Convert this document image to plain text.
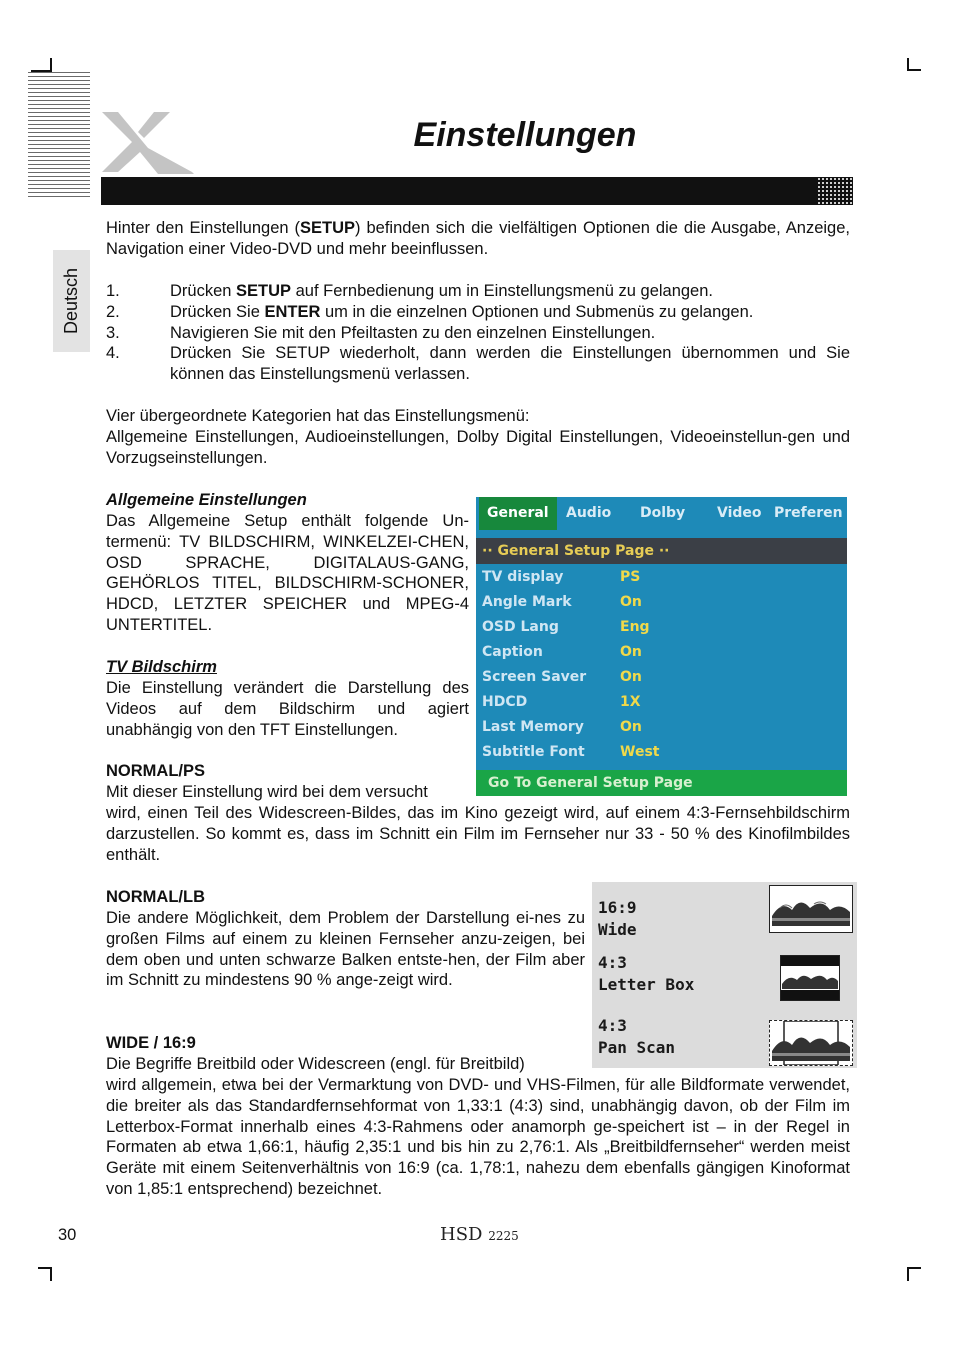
Einstellungen
Deutsch

Hinter den Einstellungen (SETUP) befinden sich die vielfältigen Optionen die die Ausgabe, Anzeige, Navigation einer Video-DVD und mehr beeinflussen.

1.	Drücken SETUP auf Fernbedienung um in Einstellungsmenü zu gelangen.
2.	Drücken Sie ENTER um in die einzelnen Optionen und Submenüs zu gelangen.
3.	Navigieren Sie mit den Pfeiltasten zu den einzelnen Einstellungen.
4.	Drücken Sie SETUP wiederholt, dann werden die Einstellungen übernommen und Sie können das Einstellungsmenü verlassen.

Vier übergeordnete Kategorien hat das Einstellungsmenü:

Allgemeine Einstellungen, Audioeinstellungen, Dolby Digital Einstellungen, Videoeinstellun-gen und Vorzugseinstellungen.

Allgemeine Einstellungen

Das Allgemeine Setup enthält folgende Un-termenü: TV BILDSCHIRM, WINKELZEI-CHEN, OSD SPRACHE, DIGITALAUS-GANG, GEHÖRLOS TITEL, BILDSCHIRM-SCHONER, HDCD, LETZTER SPEICHER und MPEG-4 UNTERTITEL.

TV Bildschirm

Die Einstellung verändert die Darstellung des Videos auf dem Bildschirm und agiert unabhängig von den TFT Einstellungen.

NORMAL/PS

Mit dieser Einstellung wird bei dem versucht

wird, einen Teil des Widescreen-Bildes, das im Kino gezeigt wird, auf einem 4:3-Fernsehbildschirm darzustellen. So kommt es, dass im Schnitt ein Film im Fernseher nur 33 - 50 % des Kinofilmbildes enthält.

NORMAL/LB

Die andere Möglichkeit, dem Problem der Darstellung ei-nes zu großen Films auf einem zu kleinen Fernseher anzu-zeigen, bei dem oben und unten schwarze Balken entste-hen, der Film aber im Schnitt zu mindestens 90 % ange-zeigt wird.

WIDE / 16:9

Die Begriffe Breitbild oder Widescreen (engl. für Breitbild)

wird allgemein, etwa bei der Vermarktung von DVD- und VHS-Filmen, für alle Bildformate verwendet, die breiter als das Standardfernsehformat von 1,33:1 (4:3) sind, unabhängig davon, ob der Film im Letterbox-Format innerhalb eines 4:3-Rahmens oder anamorph ge-speichert ist – in der Regel in Formaten ab etwa 1,66:1, häufig 2,35:1 und bis hin zu 2,76:1. Als „Breitbildfernseher“ werden meist Geräte mit einem Seitenverhältnis von 16:9 (ca. 1,78:1, nahezu dem ebenfalls gängigen Kinoformat von 1,85:1 entsprechend) bezeichnet.

General	Audio Dolby Video Preferen
·· General Setup Page ··
TV display	PS
Angle Mark	On
OSD Lang	Eng
Caption	On
Screen Saver On
HDCD	1X
Last Memory	On
Subtitle Font	West
Go To General Setup Page
16:9
Wide
4:3
Letter Box
4:3
Pan Scan
30	HSD 2225
